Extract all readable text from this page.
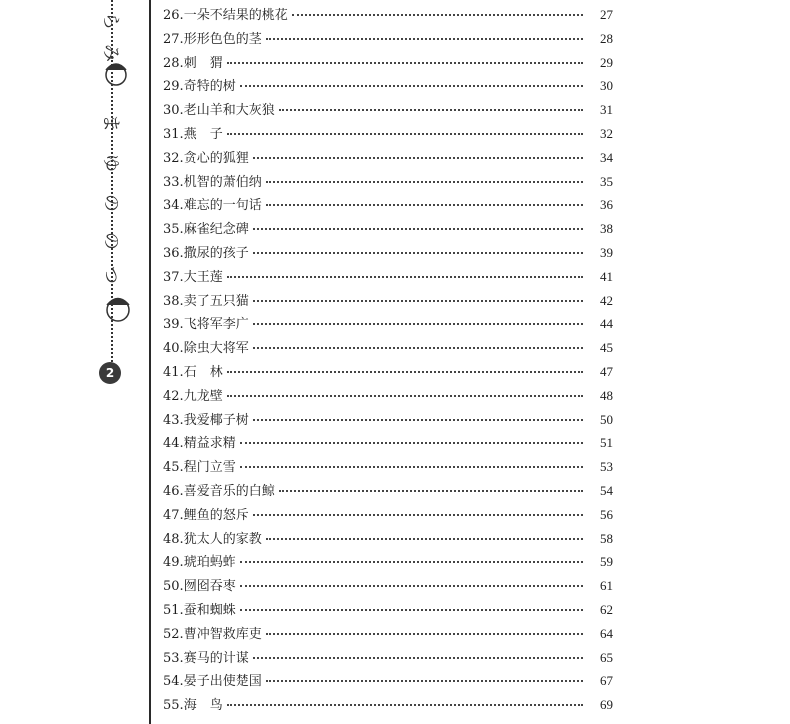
ら
み
ま
ゆ
の
の
つ
2
26. 一朵不结果的桃花	27
27. 形形色色的茎	28
28. 刺　猬	29
29. 奇特的树	30
30. 老山羊和大灰狼	31
31. 燕　子	32
32. 贪心的狐狸	34
33. 机智的萧伯纳	35
34. 难忘的一句话	36
35. 麻雀纪念碑	38
36. 撒尿的孩子	39
37. 大王莲	41
38. 卖了五只猫	42
39. 飞将军李广	44
40. 除虫大将军	45
41. 石　林	47
42. 九龙壁	48
43. 我爱椰子树	50
44. 精益求精	51
45. 程门立雪	53
46. 喜爱音乐的白鲸	54
47. 鲤鱼的怒斥	56
48. 犹太人的家教	58
49. 琥珀蚂蚱	59
50. 囫囵吞枣	61
51. 蚕和蜘蛛	62
52. 曹冲智救库吏	64
53. 赛马的计谋	65
54. 晏子出使楚国	67
55. 海　鸟	69
